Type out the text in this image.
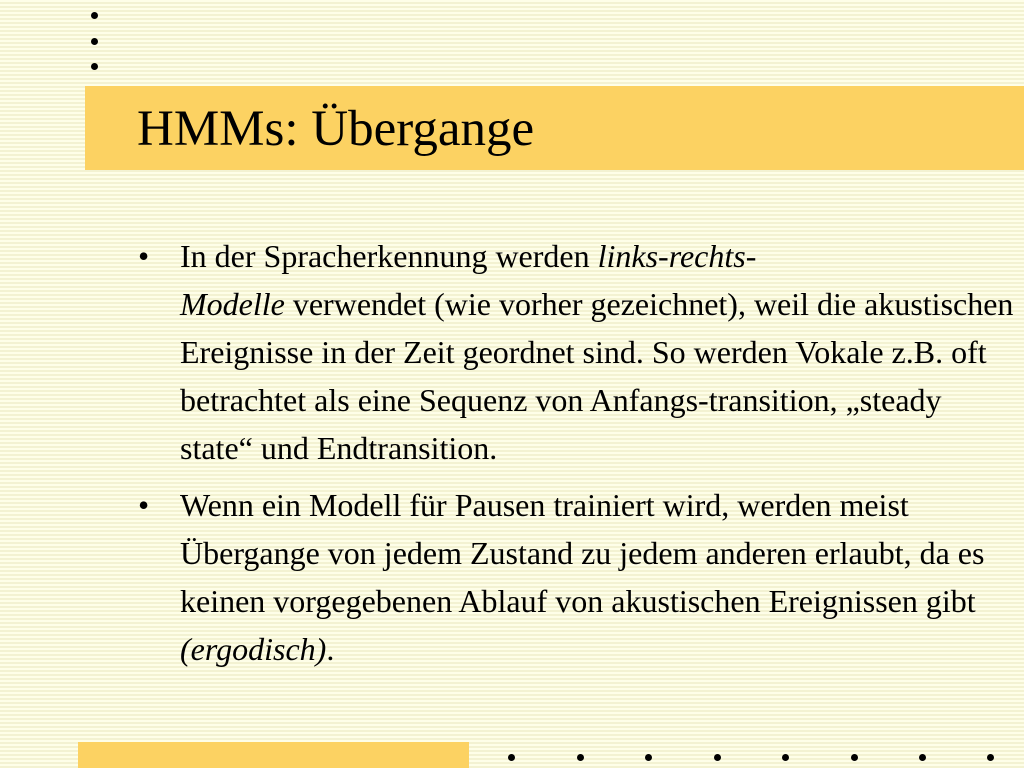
HMMs: Übergange
• In der Spracherkennung werden links-rechts-
Modelle verwendet (wie vorher gezeichnet), weil die akustischen Ereignisse in der Zeit geordnet sind. So werden Vokale z.B. oft betrachtet als eine Sequenz von Anfangs-transition, „steady state“ und Endtransition.
• Wenn ein Modell für Pausen trainiert wird, werden meist Übergange von jedem Zustand zu jedem anderen erlaubt, da es keinen vorgegebenen Ablauf von akustischen Ereignissen gibt (ergodisch).
